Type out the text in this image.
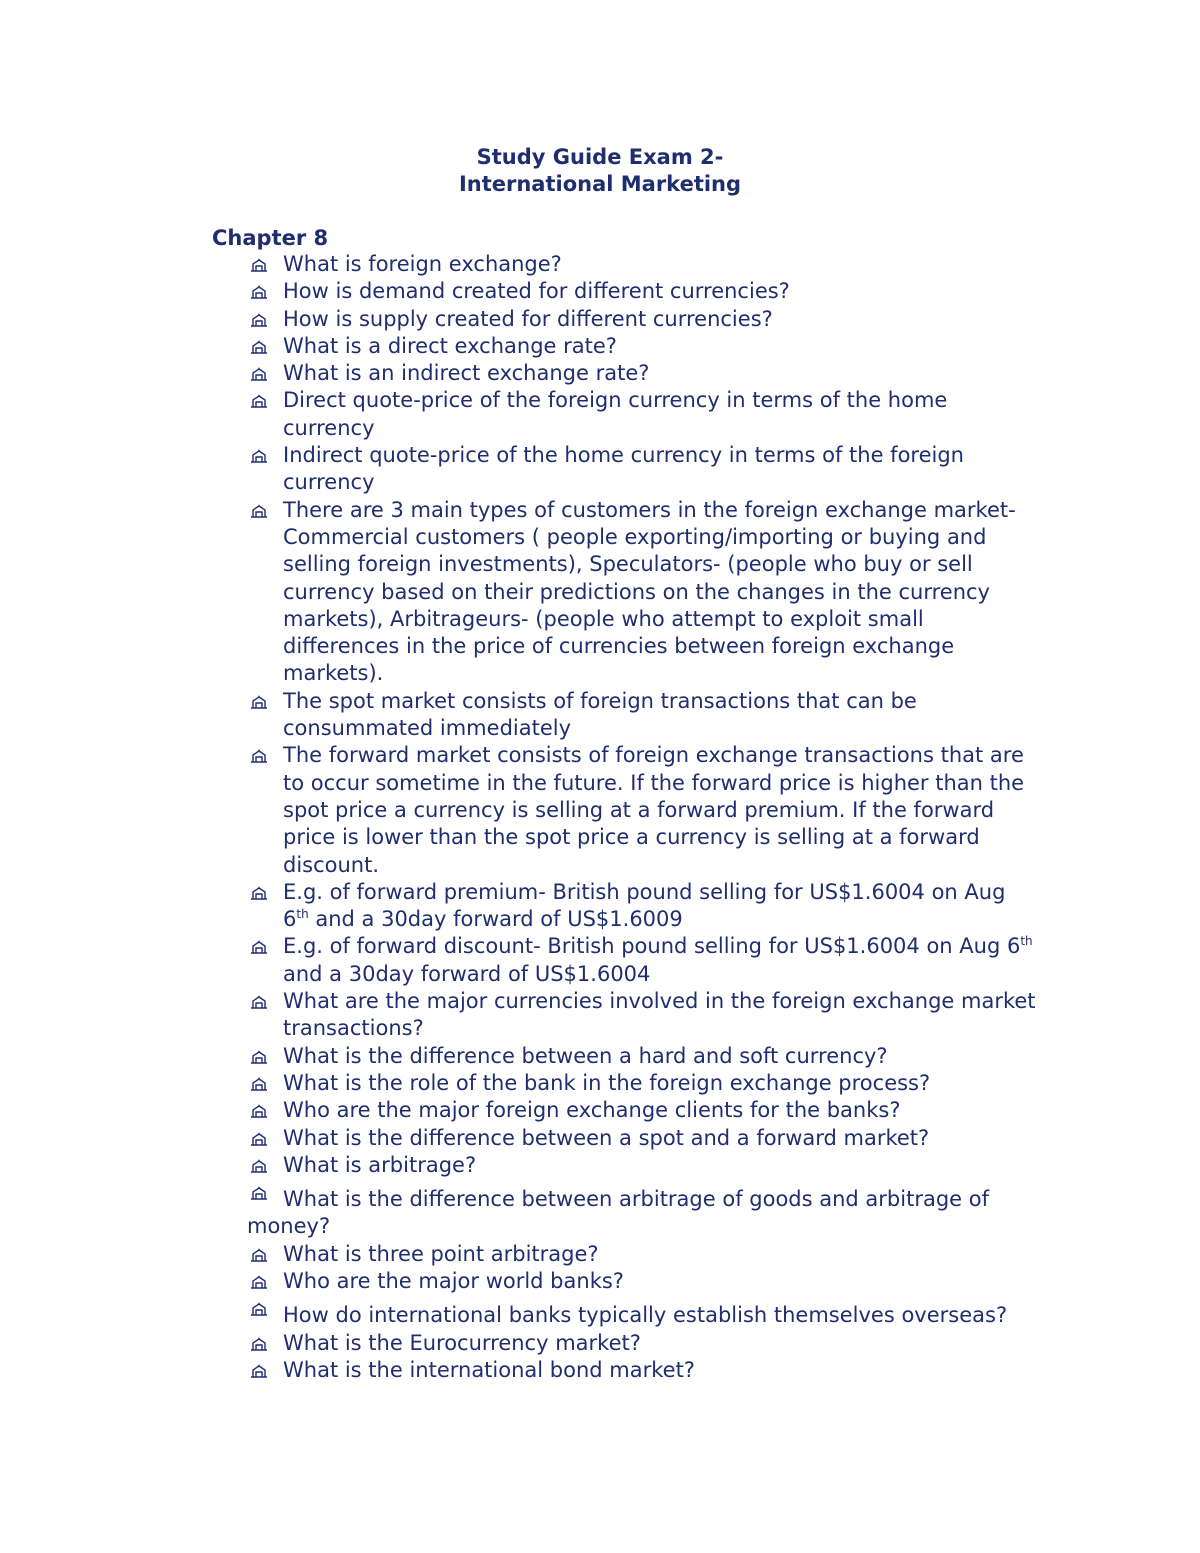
Study Guide Exam 2-
International Marketing
Chapter 8
What is foreign exchange?
How is demand created for different currencies?
How is supply created for different currencies?
What is a direct exchange rate?
What is an indirect exchange rate?
Direct quote-price of the foreign currency in terms of the home currency
Indirect quote-price of the home currency in terms of the foreign currency
There are 3 main types of customers in the foreign exchange market- Commercial customers ( people exporting/importing or buying and selling foreign investments), Speculators- (people who buy or sell currency based on their predictions on the changes in the currency markets), Arbitrageurs- (people who attempt to exploit small differences in the price of currencies between foreign exchange markets).
The spot market consists of foreign transactions that can be consummated immediately
The forward market consists of foreign exchange transactions that are to occur sometime in the future. If the forward price is higher than the spot price a currency is selling at a forward premium. If the forward price is lower than the spot price a currency is selling at a forward discount.
E.g. of forward premium- British pound selling for US$1.6004 on Aug 6th and a 30day forward of US$1.6009
E.g. of forward discount- British pound selling for US$1.6004 on Aug 6th and a 30day forward of US$1.6004
What are the major currencies involved in the foreign exchange market transactions?
What is the difference between a hard and soft currency?
What is the role of the bank in the foreign exchange process?
Who are the major foreign exchange clients for the banks?
What is the difference between a spot and a forward market?
What is arbitrage?
What is the difference between arbitrage of goods and arbitrage of money?
What is three point arbitrage?
Who are the major world banks?
How do international banks typically establish themselves overseas?
What is the Eurocurrency market?
What is the international bond market?
